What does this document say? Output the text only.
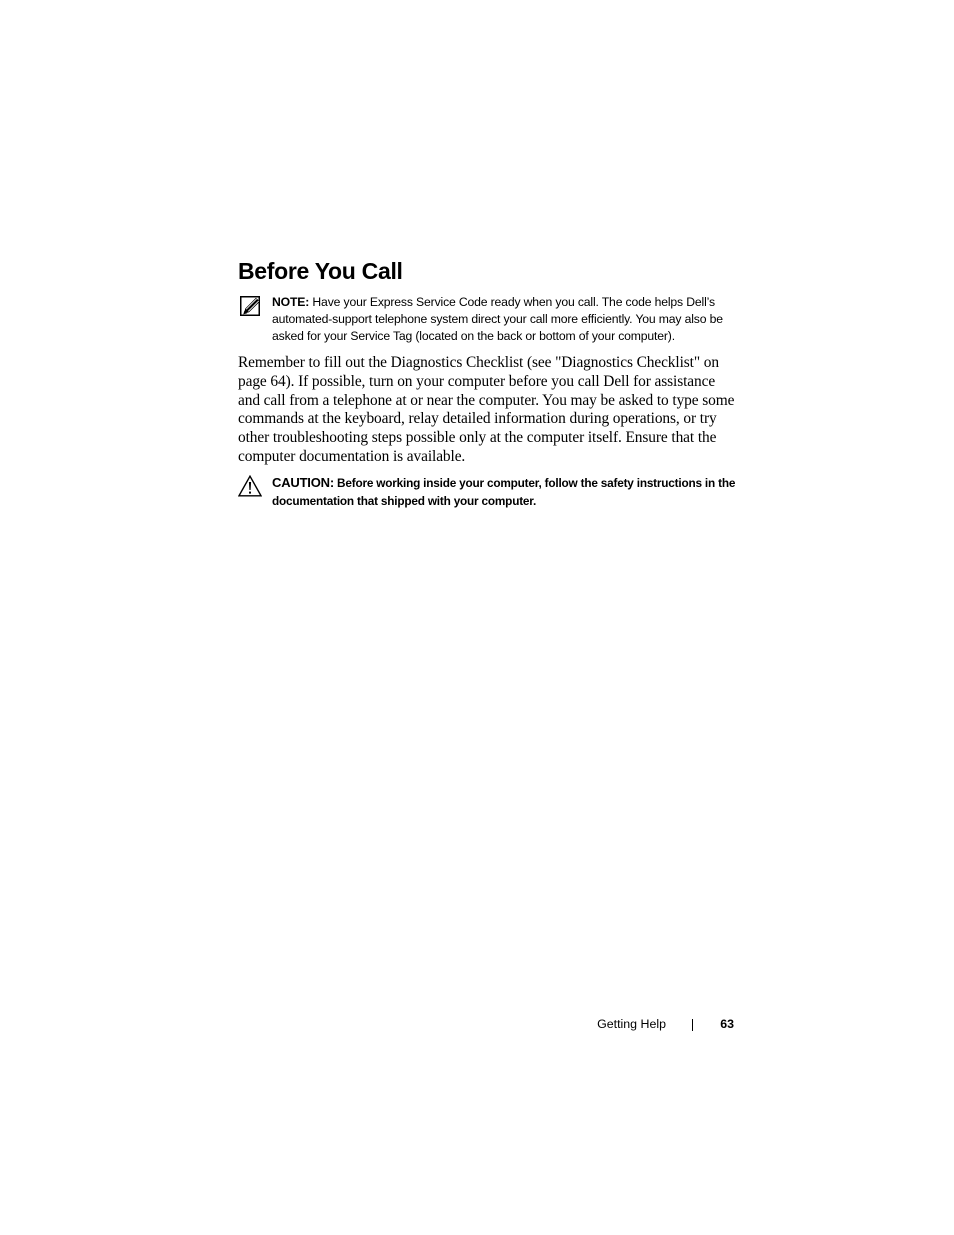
Before You Call
NOTE: Have your Express Service Code ready when you call. The code helps Dell’s automated-support telephone system direct your call more efficiently. You may also be asked for your Service Tag (located on the back or bottom of your computer).

Remember to fill out the Diagnostics Checklist (see "Diagnostics Checklist" on page 64). If possible, turn on your computer before you call Dell for assistance and call from a telephone at or near the computer. You may be asked to type some commands at the keyboard, relay detailed information during operations, or try other troubleshooting steps possible only at the computer itself. Ensure that the computer documentation is available.

CAUTION: Before working inside your computer, follow the safety instructions in the documentation that shipped with your computer.
Getting Help	63
